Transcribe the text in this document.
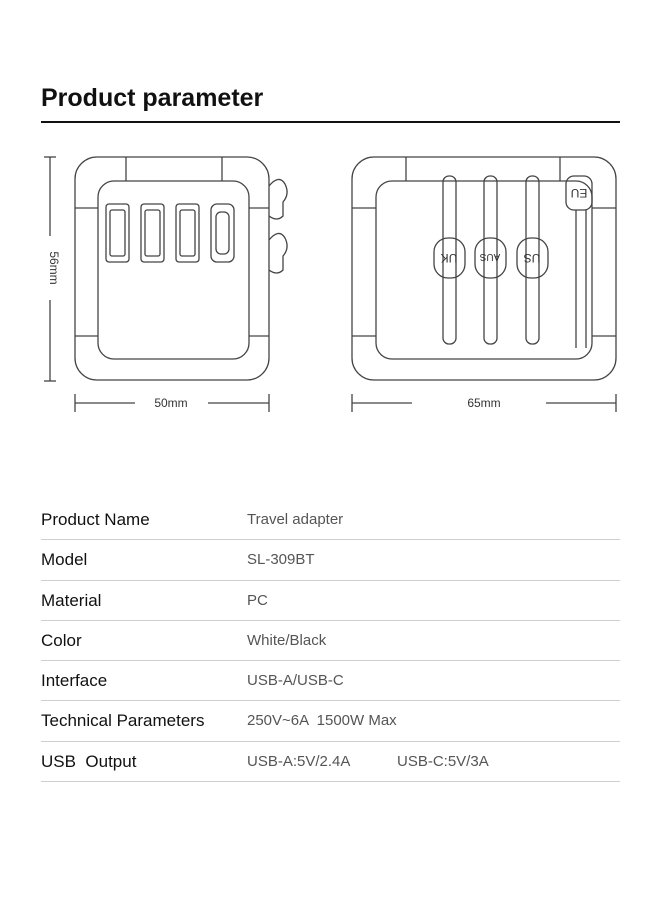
Product parameter
56mm
50mm	65mm
UK AUS US
EU
Product Name	Travel adapter
Model	SL-309BT
Material	PC
Color	White/Black
Interface	USB-A/USB-C
Technical Parameters	250V~6A  1500W Max
USB  Output	USB-A:5V/2.4A	USB-C:5V/3A
